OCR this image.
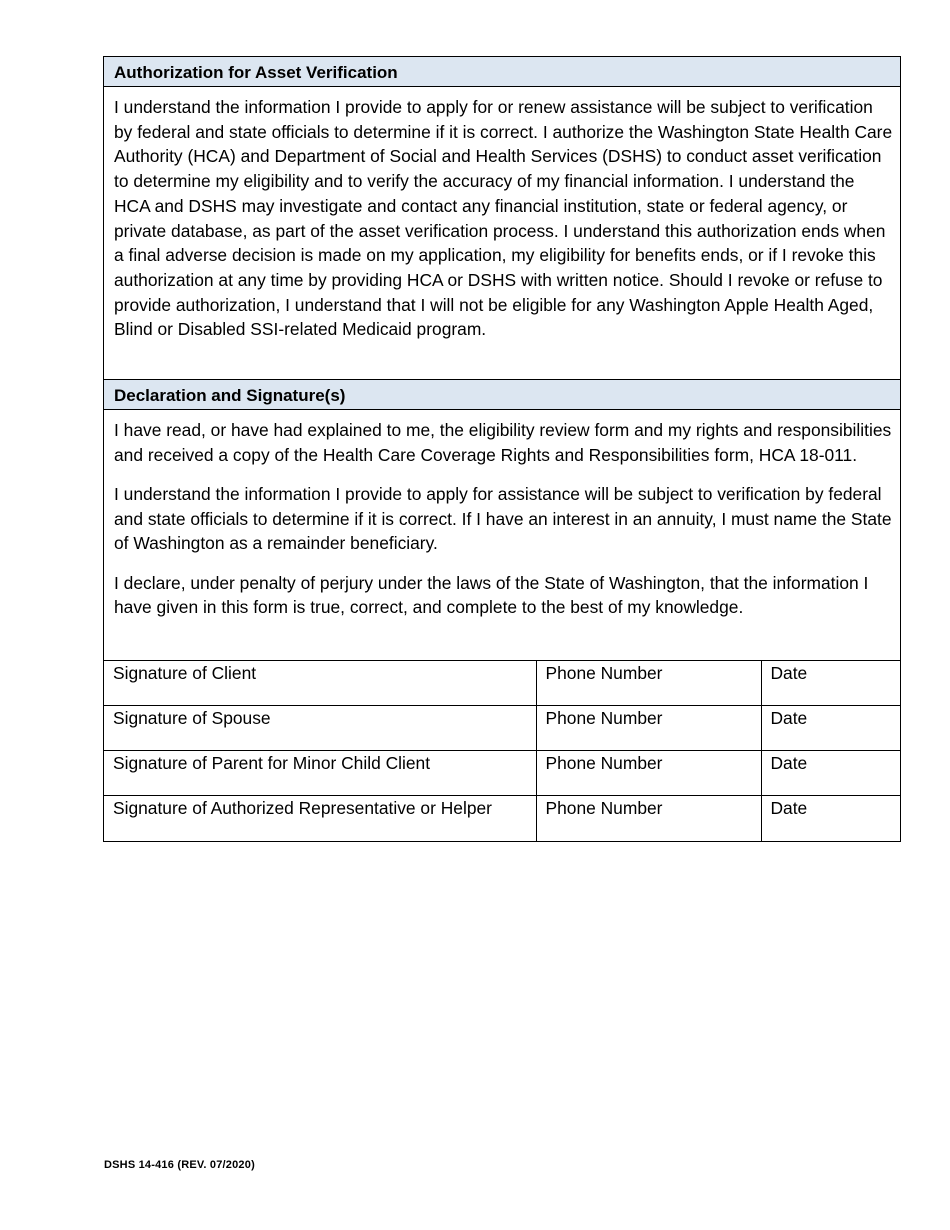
Authorization for Asset Verification

I understand the information I provide to apply for or renew assistance will be subject to verification by federal and state officials to determine if it is correct. I authorize the Washington State Health Care Authority (HCA) and Department of Social and Health Services (DSHS) to conduct asset verification to determine my eligibility and to verify the accuracy of my financial information. I understand the HCA and DSHS may investigate and contact any financial institution, state or federal agency, or private database, as part of the asset verification process. I understand this authorization ends when a final adverse decision is made on my application, my eligibility for benefits ends, or if I revoke this authorization at any time by providing HCA or DSHS with written notice. Should I revoke or refuse to provide authorization, I understand that I will not be eligible for any Washington Apple Health Aged, Blind or Disabled SSI-related Medicaid program.

Declaration and Signature(s)

I have read, or have had explained to me, the eligibility review form and my rights and responsibilities and received a copy of the Health Care Coverage Rights and Responsibilities form, HCA 18-011.

I understand the information I provide to apply for assistance will be subject to verification by federal and state officials to determine if it is correct. If I have an interest in an annuity, I must name the State of Washington as a remainder beneficiary.

I declare, under penalty of perjury under the laws of the State of Washington, that the information I have given in this form is true, correct, and complete to the best of my knowledge.

Signature of Client	Phone Number	Date
Signature of Spouse	Phone Number	Date
Signature of Parent for Minor Child Client	Phone Number	Date
Signature of Authorized Representative or Helper	Phone Number	Date
DSHS 14-416 (REV. 07/2020)
